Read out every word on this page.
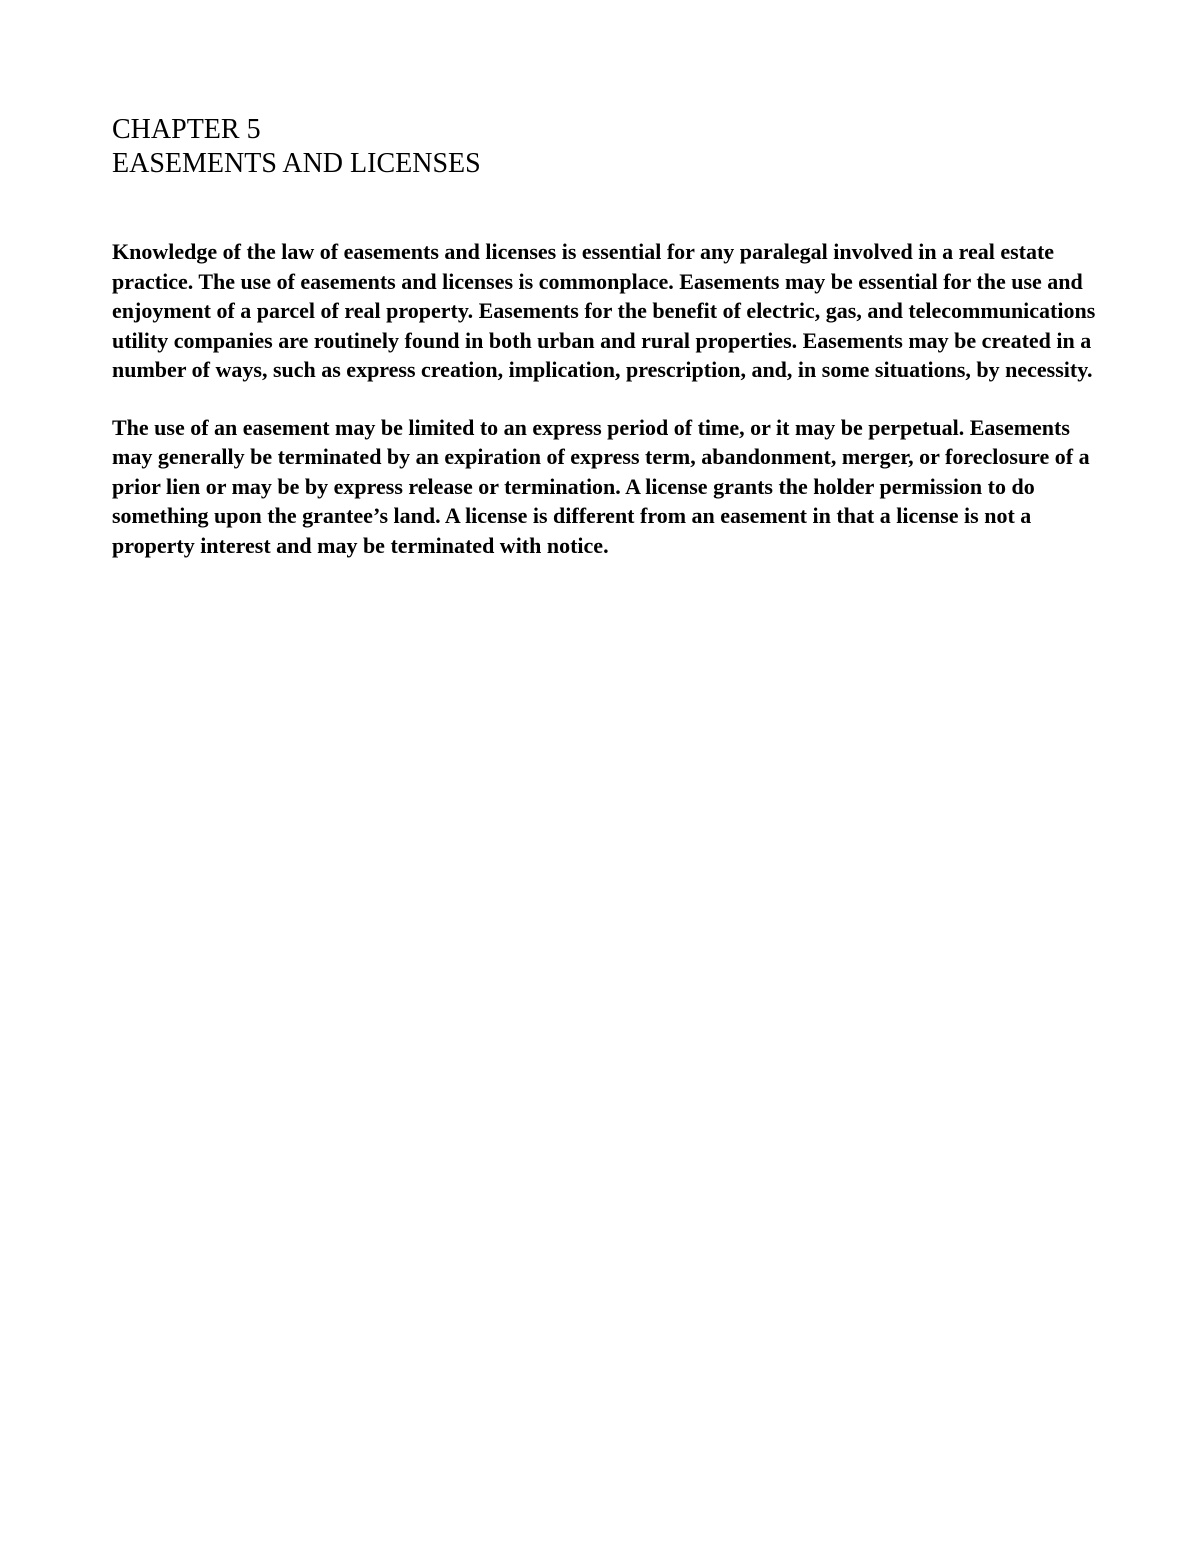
CHAPTER 5
EASEMENTS AND LICENSES

Knowledge of the law of easements and licenses is essential for any paralegal involved in a real estate practice. The use of easements and licenses is commonplace. Easements may be essential for the use and enjoyment of a parcel of real property. Easements for the benefit of electric, gas, and telecommunications utility companies are routinely found in both urban and rural properties. Easements may be created in a number of ways, such as express creation, implication, prescription, and, in some situations, by necessity.

The use of an easement may be limited to an express period of time, or it may be perpetual. Easements may generally be terminated by an expiration of express term, abandonment, merger, or foreclosure of a prior lien or may be by express release or termination. A license grants the holder permission to do something upon the grantee’s land. A license is different from an easement in that a license is not a property interest and may be terminated with notice.
